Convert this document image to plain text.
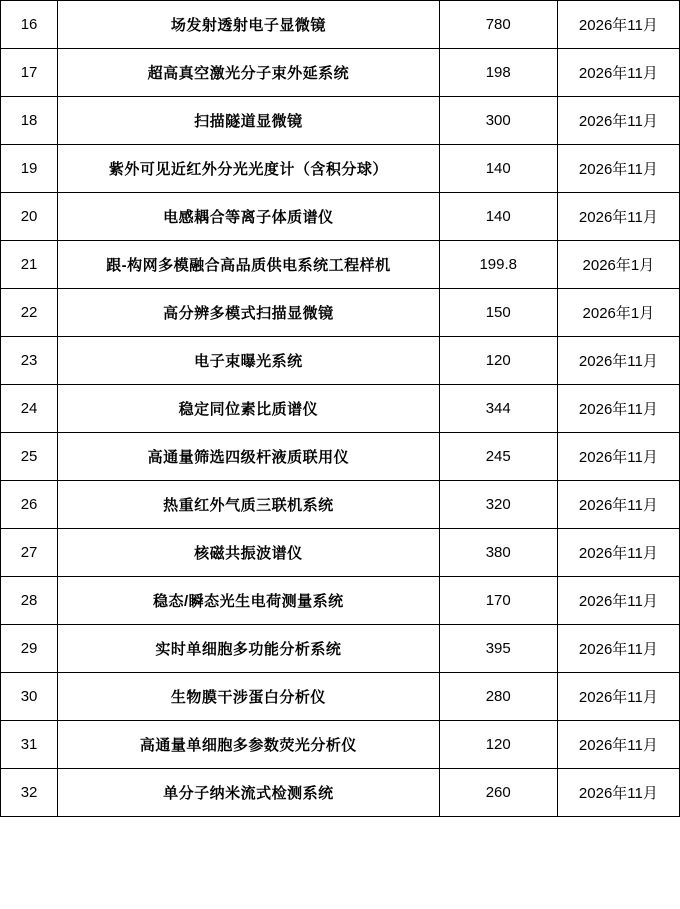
16	场发射透射电子显微镜	780	2026年11月
17	超高真空激光分子束外延系统	198	2026年11月
18	扫描隧道显微镜	300	2026年11月
19	紫外可见近红外分光光度计（含积分球）	140	2026年11月
20	电感耦合等离子体质谱仪	140	2026年11月
21	跟-构网多模融合高品质供电系统工程样机	199.8	2026年1月
22	高分辨多模式扫描显微镜	150	2026年1月
23	电子束曝光系统	120	2026年11月
24	稳定同位素比质谱仪	344	2026年11月
25	高通量筛选四级杆液质联用仪	245	2026年11月
26	热重红外气质三联机系统	320	2026年11月
27	核磁共振波谱仪	380	2026年11月
28	稳态/瞬态光生电荷测量系统	170	2026年11月
29	实时单细胞多功能分析系统	395	2026年11月
30	生物膜干涉蛋白分析仪	280	2026年11月
31	高通量单细胞多参数荧光分析仪	120	2026年11月
32	单分子纳米流式检测系统	260	2026年11月
